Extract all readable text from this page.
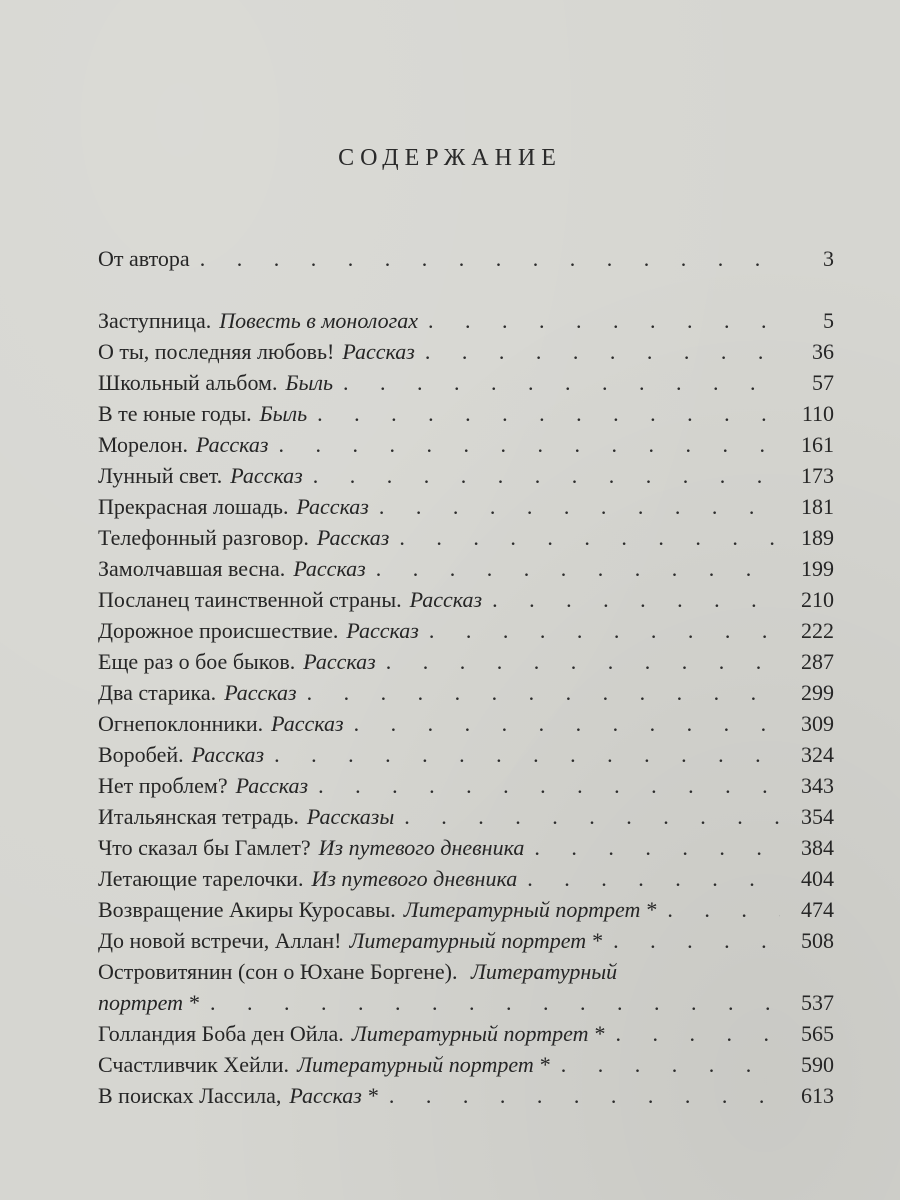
СОДЕРЖАНИЕ
От автора . . .	3
Заступница. Повесть в монологах . . .	5
О ты, последняя любовь! Рассказ . . .	36
Школьный альбом. Быль . . .	57
В те юные годы. Быль . . .	110
Морелон. Рассказ . . .	161
Лунный свет. Рассказ . . .	173
Прекрасная лошадь. Рассказ . . .	181
Телефонный разговор. Рассказ . . .	189
Замолчавшая весна. Рассказ . . .	199
Посланец таинственной страны. Рассказ . . .	210
Дорожное происшествие. Рассказ . . .	222
Еще раз о бое быков. Рассказ . . .	287
Два старика. Рассказ . . .	299
Огнепоклонники. Рассказ . . .	309
Воробей. Рассказ . . .	324
Нет проблем? Рассказ . . .	343
Итальянская тетрадь. Рассказы . . .	354
Что сказал бы Гамлет? Из путевого дневника . . .	384
Летающие тарелочки. Из путевого дневника . . .	404
Возвращение Акиры Куросавы. Литературный портрет * . . .	474
До новой встречи, Аллан! Литературный портрет * . . .	508
Островитянин (сон о Юхане Боргене). Литературный
портрет * . . .	537
Голландия Боба ден Ойла. Литературный портрет * . . .	565
Счастливчик Хейли. Литературный портрет * . . .	590
В поисках Лассила, Рассказ * . . .	613
